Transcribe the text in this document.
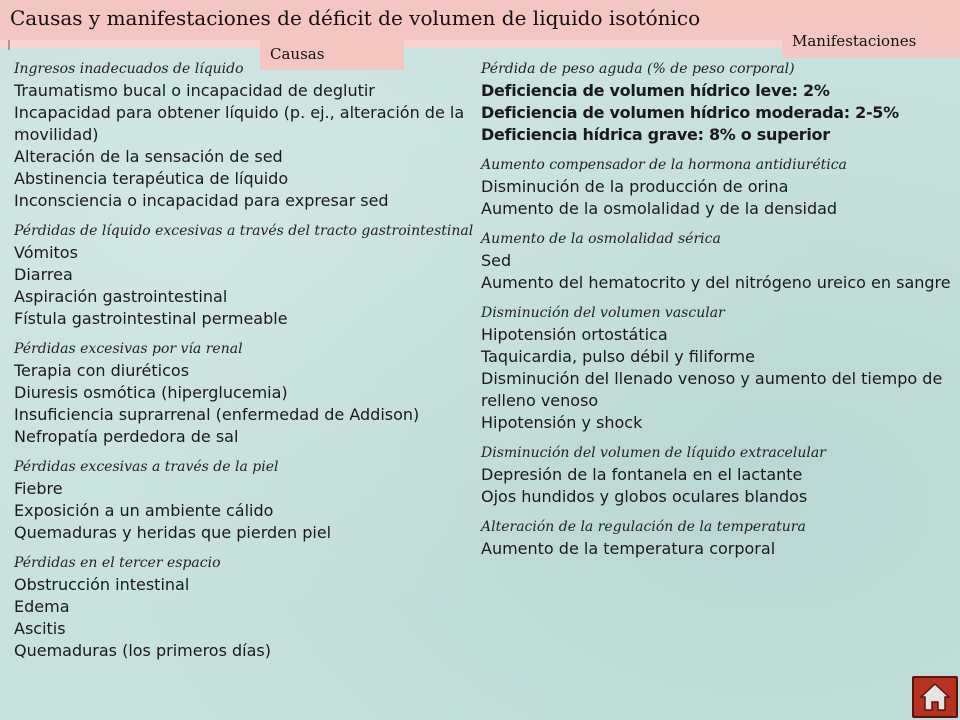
Causas y manifestaciones de déficit de volumen de liquido isotónico
Causas
Manifestaciones
Ingresos inadecuados de líquido
Traumatismo bucal o incapacidad de deglutir
Incapacidad para obtener líquido (p. ej., alteración de la movilidad)
Alteración de la sensación de sed
Abstinencia terapéutica de líquido
Inconsciencia o incapacidad para expresar sed
Pérdidas de líquido excesivas a través del tracto gastrointestinal
Vómitos
Diarrea
Aspiración gastrointestinal
Fístula gastrointestinal permeable
Pérdidas excesivas por vía renal
Terapia con diuréticos
Diuresis osmótica (hiperglucemia)
Insuficiencia suprarrenal (enfermedad de Addison)
Nefropatía perdedora de sal
Pérdidas excesivas a través de la piel
Fiebre
Exposición a un ambiente cálido
Quemaduras y heridas que pierden piel
Pérdidas en el tercer espacio
Obstrucción intestinal
Edema
Ascitis
Quemaduras (los primeros días)
Pérdida de peso aguda (% de peso corporal)
Deficiencia de volumen hídrico leve: 2%
Deficiencia de volumen hídrico moderada: 2-5%
Deficiencia hídrica grave: 8% o superior
Aumento compensador de la hormona antidiurética
Disminución de la producción de orina
Aumento de la osmolalidad y de la densidad
Aumento de la osmolalidad sérica
Sed
Aumento del hematocrito y del nitrógeno ureico en sangre
Disminución del volumen vascular
Hipotensión ortostática
Taquicardia, pulso débil y filiforme
Disminución del llenado venoso y aumento del tiempo de relleno venoso
Hipotensión y shock
Disminución del volumen de líquido extracelular
Depresión de la fontanela en el lactante
Ojos hundidos y globos oculares blandos
Alteración de la regulación de la temperatura
Aumento de la temperatura corporal
